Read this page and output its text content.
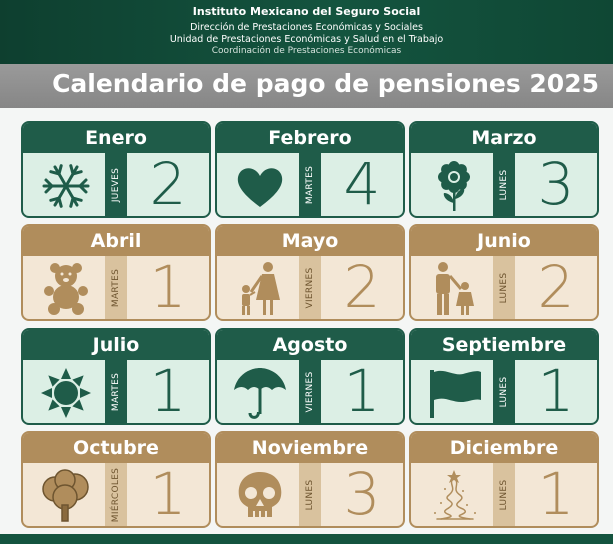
Instituto Mexicano del Seguro Social
Dirección de Prestaciones Económicas y Sociales
Unidad de Prestaciones Económicas y Salud en el Trabajo
Coordinación de Prestaciones Económicas
Calendario de pago de pensiones 2025
Enero
JUEVES 2
Febrero
MARTES 4
Marzo
LUNES 3
Abril
MARTES 1
Mayo
VIERNES 2
Junio
LUNES 2
Julio
MARTES 1
Agosto
VIERNES 1
Septiembre
LUNES 1
Octubre
MIÉRCOLES 1
Noviembre
LUNES 3
Diciembre
LUNES 1
